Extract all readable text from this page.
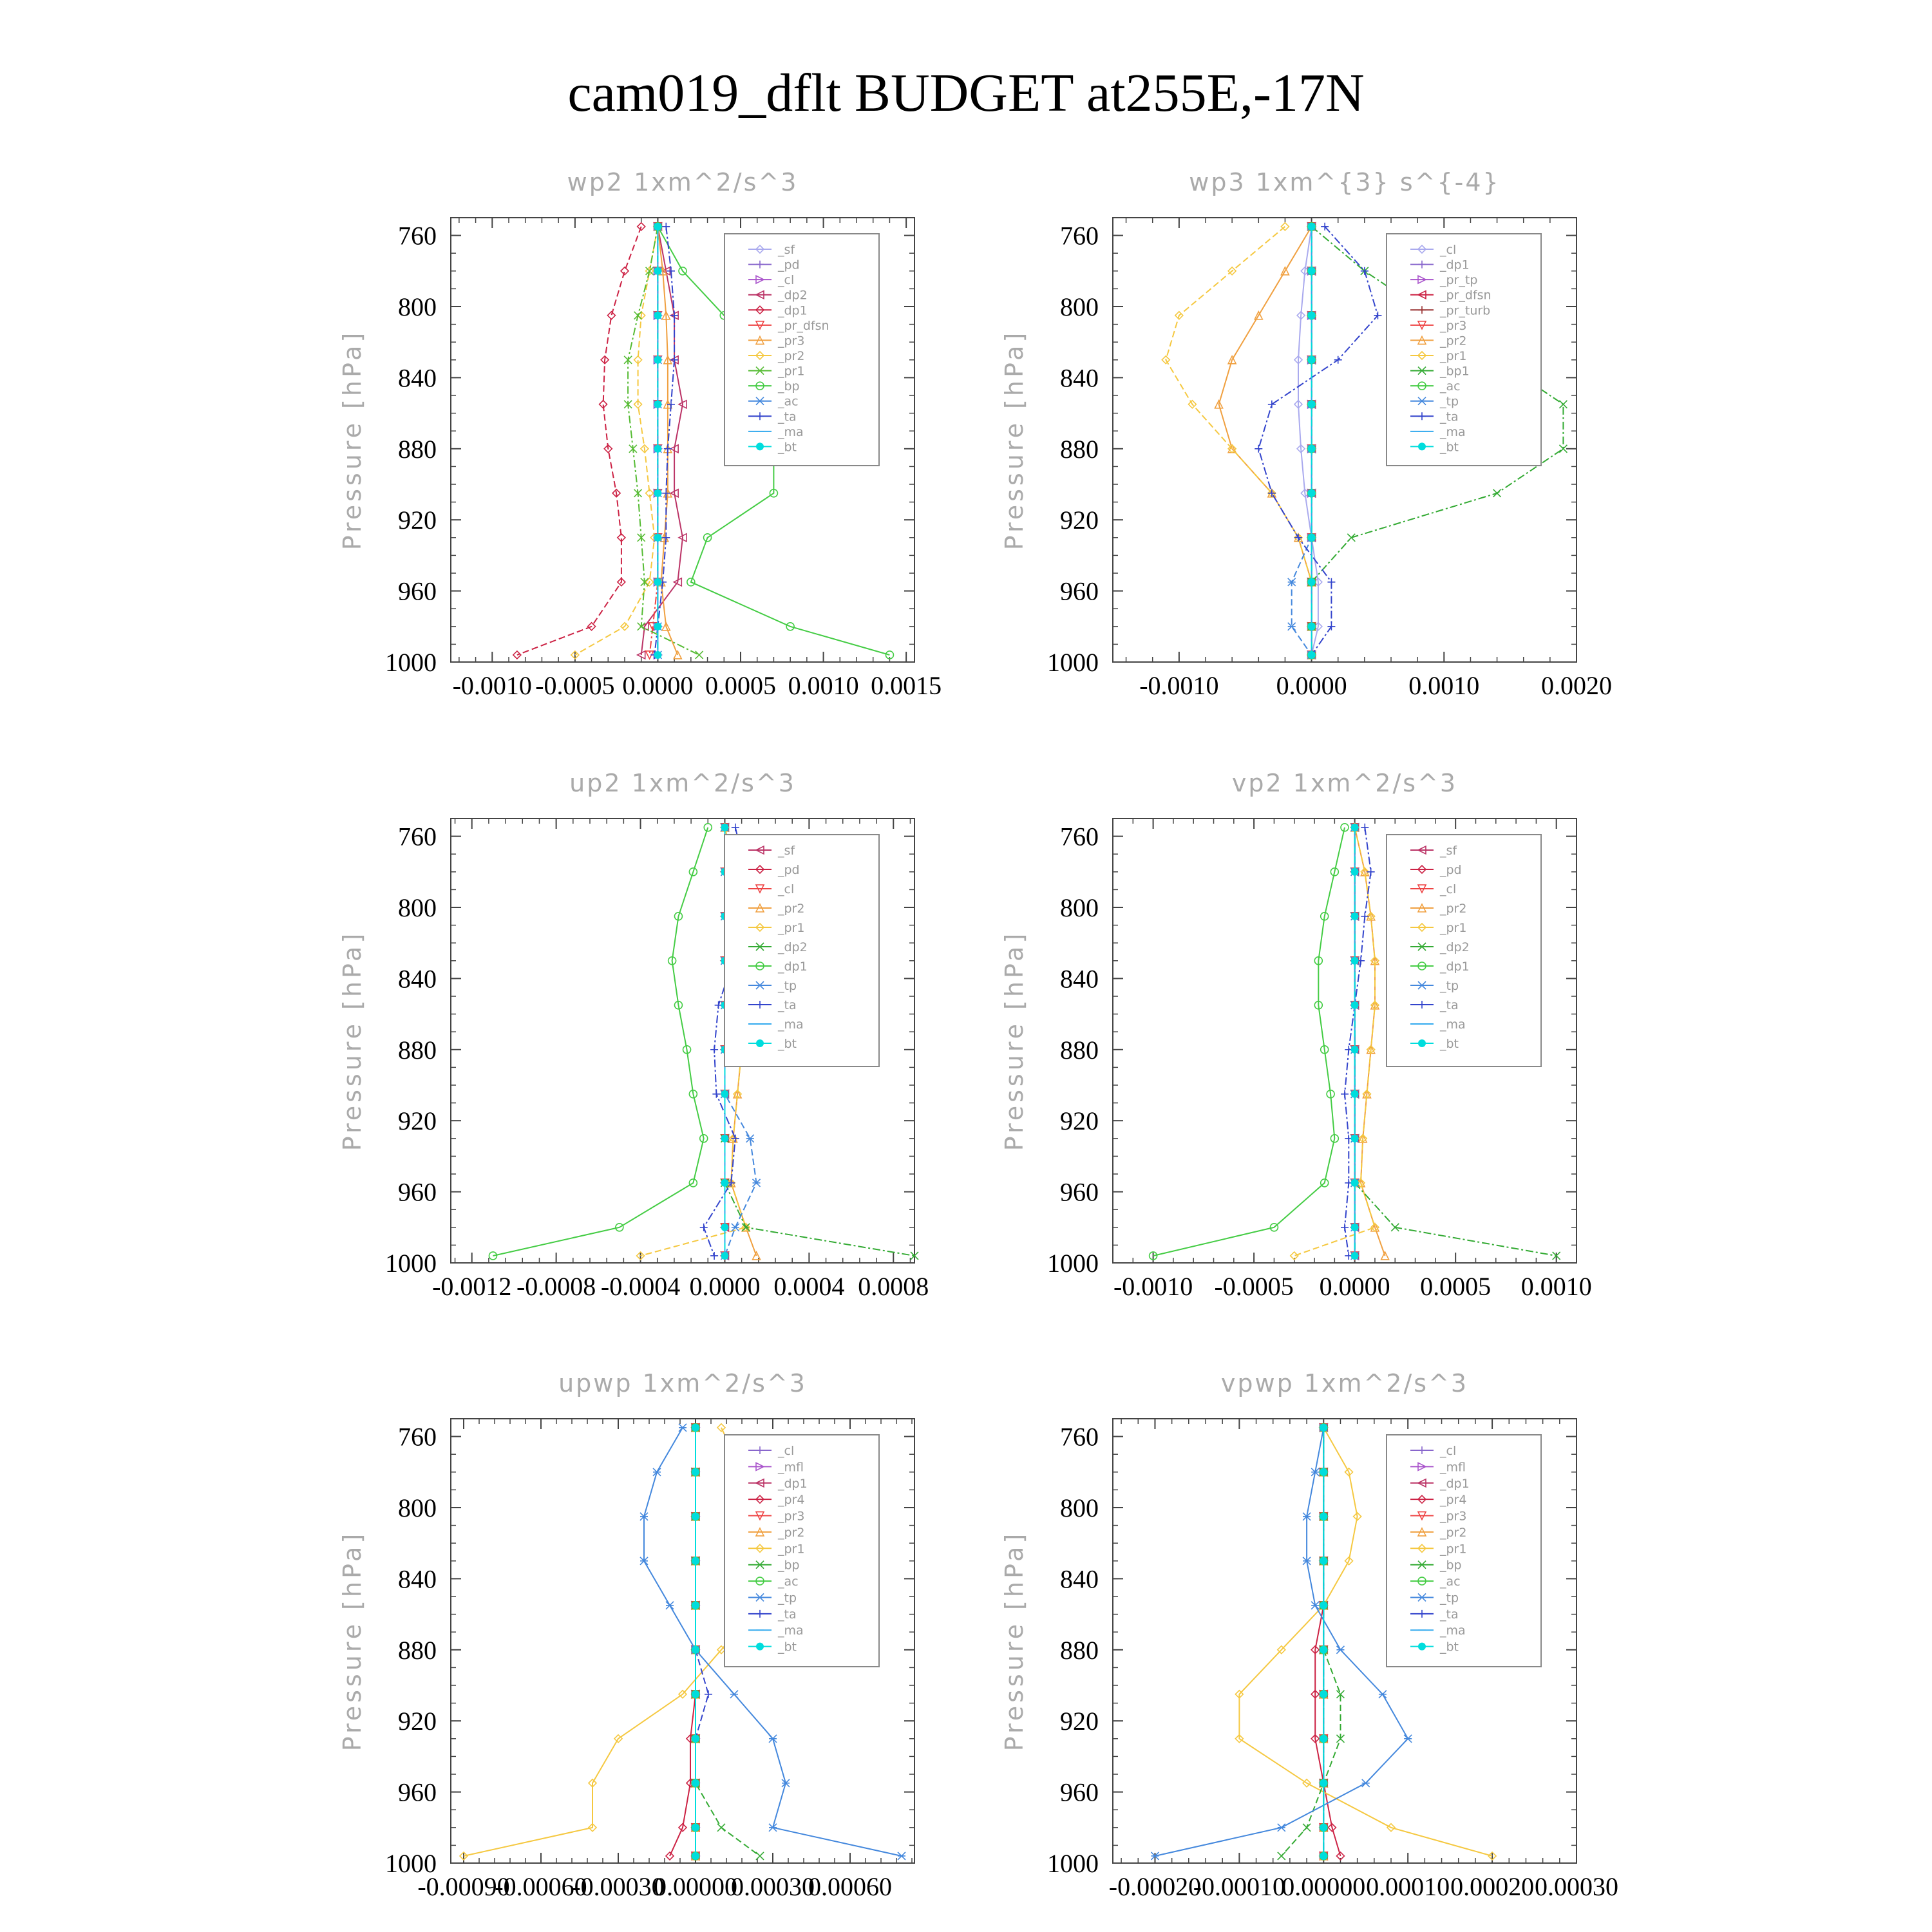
cam019_dflt BUDGET at255E,-17N
wp2 1xm^2/s^3
Pressure [hPa]
-0.0010 -0.0005 0.0000 0.0005 0.0010 0.0015
760
800
840
880
920
960
1000
_sf
_pd
_cl
_dp2
_dp1
_pr_dfsn
_pr3
_pr2
_pr1
_bp
_ac
_ta
_ma
_bt
wp3 1xm^{3} s^{-4}
Pressure [hPa]
-0.0010 0.0000 0.0010 0.0020
760
800
840
880
920
960
1000
_cl
_dp1
_pr_tp
_pr_dfsn
_pr_turb
_pr3
_pr2
_pr1
_bp1
_ac
_tp
_ta
_ma
_bt
up2 1xm^2/s^3
Pressure [hPa]
-0.0012 -0.0008 -0.0004 0.0000 0.0004 0.0008
760
800
840
880
920
960
1000
_sf
_pd
_cl
_pr2
_pr1
_dp2
_dp1
_tp
_ta
_ma
_bt
vp2 1xm^2/s^3
Pressure [hPa]
-0.0010 -0.0005 0.0000 0.0005 0.0010
760
800
840
880
920
960
1000
_sf
_pd
_cl
_pr2
_pr1
_dp2
_dp1
_tp
_ta
_ma
_bt
upwp 1xm^2/s^3
Pressure [hPa]
-0.00090
-0.00060
-0.00030
0.00000
0.00030
0.00060
760
800
840
880
920
960
1000
_cl
_mfl
_dp1
_pr4
_pr3
_pr2
_pr1
_bp
_ac
_tp
_ta
_ma
_bt
vpwp 1xm^2/s^3
Pressure [hPa]
-0.00020
-0.00010
0.00000 0.00010 0.00020 0.00030
760
800
840
880
920
960
1000
_cl
_mfl
_dp1
_pr4
_pr3
_pr2
_pr1
_bp
_ac
_tp
_ta
_ma
_bt
